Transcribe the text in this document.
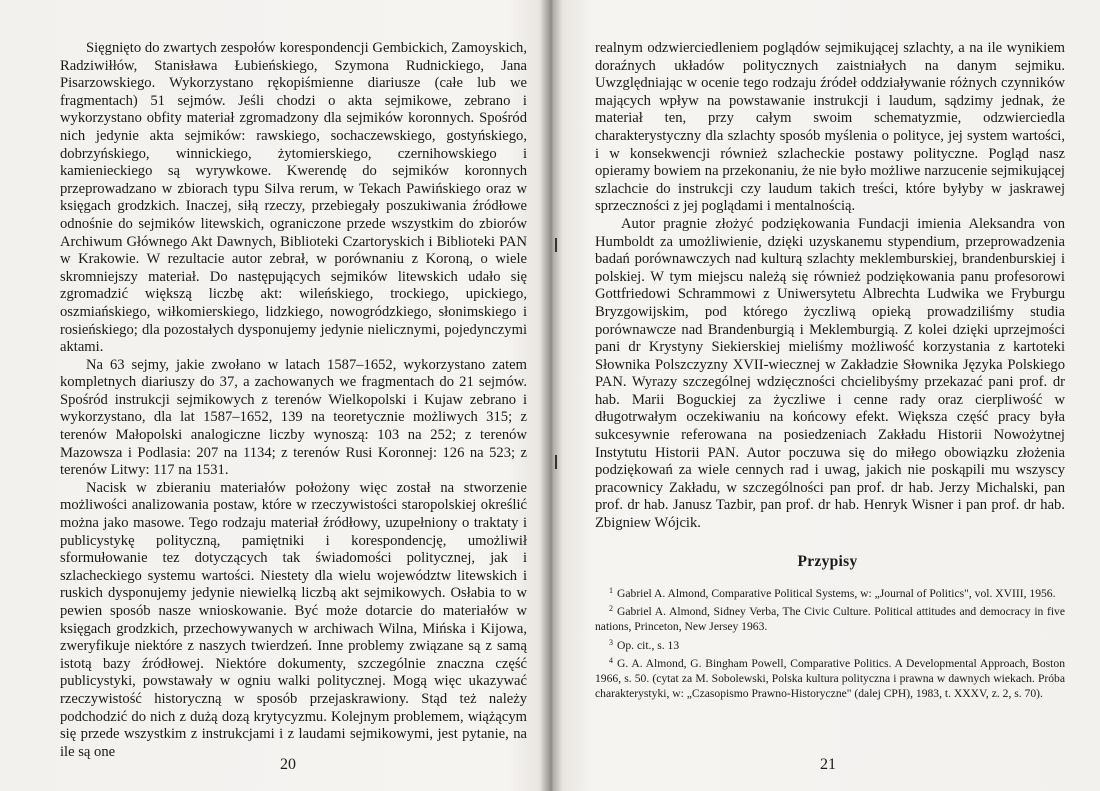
Sięgnięto do zwartych zespołów korespondencji Gembickich, Zamoyskich, Radziwiłłów, Stanisława Łubieńskiego, Szymona Rudnickiego, Jana Pisarzowskiego. Wykorzystano rękopiśmienne diariusze (całe lub we fragmentach) 51 sejmów. Jeśli chodzi o akta sejmikowe, zebrano i wykorzystano obfity materiał zgromadzony dla sejmików koronnych. Spośród nich jedynie akta sejmików: rawskiego, sochaczewskiego, gostyńskiego, dobrzyńskiego, winnickiego, żytomierskiego, czernihowskiego i kamienieckiego są wyrywkowe. Kwerendę do sejmików koronnych przeprowadzano w zbiorach typu Silva rerum, w Tekach Pawińskiego oraz w księgach grodzkich. Inaczej, siłą rzeczy, przebiegały poszukiwania źródłowe odnośnie do sejmików litewskich, ograniczone przede wszystkim do zbiorów Archiwum Głównego Akt Dawnych, Biblioteki Czartoryskich i Biblioteki PAN w Krakowie. W rezultacie autor zebrał, w porównaniu z Koroną, o wiele skromniejszy materiał. Do następujących sejmików litewskich udało się zgromadzić większą liczbę akt: wileńskiego, trockiego, upickiego, oszmiańskiego, wiłkomierskiego, lidzkiego, nowogródzkiego, słonimskiego i rosieńskiego; dla pozostałych dysponujemy jedynie nielicznymi, pojedynczymi aktami.

Na 63 sejmy, jakie zwołano w latach 1587–1652, wykorzystano zatem kompletnych diariuszy do 37, a zachowanych we fragmentach do 21 sejmów. Spośród instrukcji sejmikowych z terenów Wielkopolski i Kujaw zebrano i wykorzystano, dla lat 1587–1652, 139 na teoretycznie możliwych 315; z terenów Małopolski analogiczne liczby wynoszą: 103 na 252; z terenów Mazowsza i Podlasia: 207 na 1134; z terenów Rusi Koronnej: 126 na 523; z terenów Litwy: 117 na 1531.

Nacisk w zbieraniu materiałów położony więc został na stworzenie możliwości analizowania postaw, które w rzeczywistości staropolskiej określić można jako masowe. Tego rodzaju materiał źródłowy, uzupełniony o traktaty i publicystykę polityczną, pamiętniki i korespondencję, umożliwił sformułowanie tez dotyczących tak świadomości politycznej, jak i szlacheckiego systemu wartości. Niestety dla wielu województw litewskich i ruskich dysponujemy jedynie niewielką liczbą akt sejmikowych. Osłabia to w pewien sposób nasze wnioskowanie. Być może dotarcie do materiałów w księgach grodzkich, przechowywanych w archiwach Wilna, Mińska i Kijowa, zweryfikuje niektóre z naszych twierdzeń. Inne problemy związane są z samą istotą bazy źródłowej. Niektóre dokumenty, szczególnie znaczna część publicystyki, powstawały w ogniu walki politycznej. Mogą więc ukazywać rzeczywistość historyczną w sposób przejaskrawiony. Stąd też należy podchodzić do nich z dużą dozą krytycyzmu. Kolejnym problemem, wiążącym się przede wszystkim z instrukcjami i z laudami sejmikowymi, jest pytanie, na ile są one

20

realnym odzwierciedleniem poglądów sejmikującej szlachty, a na ile wynikiem doraźnych układów politycznych zaistniałych na danym sejmiku. Uwzględniając w ocenie tego rodzaju źródeł oddziaływanie różnych czynników mających wpływ na powstawanie instrukcji i laudum, sądzimy jednak, że materiał ten, przy całym swoim schematyzmie, odzwierciedla charakterystyczny dla szlachty sposób myślenia o polityce, jej system wartości, i w konsekwencji również szlacheckie postawy polityczne. Pogląd nasz opieramy bowiem na przekonaniu, że nie było możliwe narzucenie sejmikującej szlachcie do instrukcji czy laudum takich treści, które byłyby w jaskrawej sprzeczności z jej poglądami i mentalnością.

Autor pragnie złożyć podziękowania Fundacji imienia Aleksandra von Humboldt za umożliwienie, dzięki uzyskanemu stypendium, przeprowadzenia badań porównawczych nad kulturą szlachty meklemburskiej, brandenburskiej i polskiej. W tym miejscu należą się również podziękowania panu profesorowi Gottfriedowi Schrammowi z Uniwersytetu Albrechta Ludwika we Fryburgu Bryzgowijskim, pod którego życzliwą opieką prowadziliśmy studia porównawcze nad Brandenburgią i Meklemburgią. Z kolei dzięki uprzejmości pani dr Krystyny Siekierskiej mieliśmy możliwość korzystania z kartoteki Słownika Polszczyzny XVII-wiecznej w Zakładzie Słownika Języka Polskiego PAN. Wyrazy szczególnej wdzięczności chcielibyśmy przekazać pani prof. dr hab. Marii Boguckiej za życzliwe i cenne rady oraz cierpliwość w długotrwałym oczekiwaniu na końcowy efekt. Większa część pracy była sukcesywnie referowana na posiedzeniach Zakładu Historii Nowożytnej Instytutu Historii PAN. Autor poczuwa się do miłego obowiązku złożenia podziękowań za wiele cennych rad i uwag, jakich nie poskąpili mu wszyscy pracownicy Zakładu, w szczególności pan prof. dr hab. Jerzy Michalski, pan prof. dr hab. Janusz Tazbir, pan prof. dr hab. Henryk Wisner i pan prof. dr hab. Zbigniew Wójcik.

Przypisy

$^1$ Gabriel A. Almond, Comparative Political Systems, w: „Journal of Politics", vol. XVIII, 1956.

$^2$ Gabriel A. Almond, Sidney Verba, The Civic Culture. Political attitudes and democracy in five nations, Princeton, New Jersey 1963.

$^3$ Op. cit., s. 13

$^4$ G. A. Almond, G. Bingham Powell, Comparative Politics. A Developmental Approach, Boston 1966, s. 50. (cytat za M. Sobolewski, Polska kultura polityczna i prawna w dawnych wiekach. Próba charakterystyki, w: „Czasopismo Prawno-Historyczne" (dalej CPH), 1983, t. XXXV, z. 2, s. 70).

21
